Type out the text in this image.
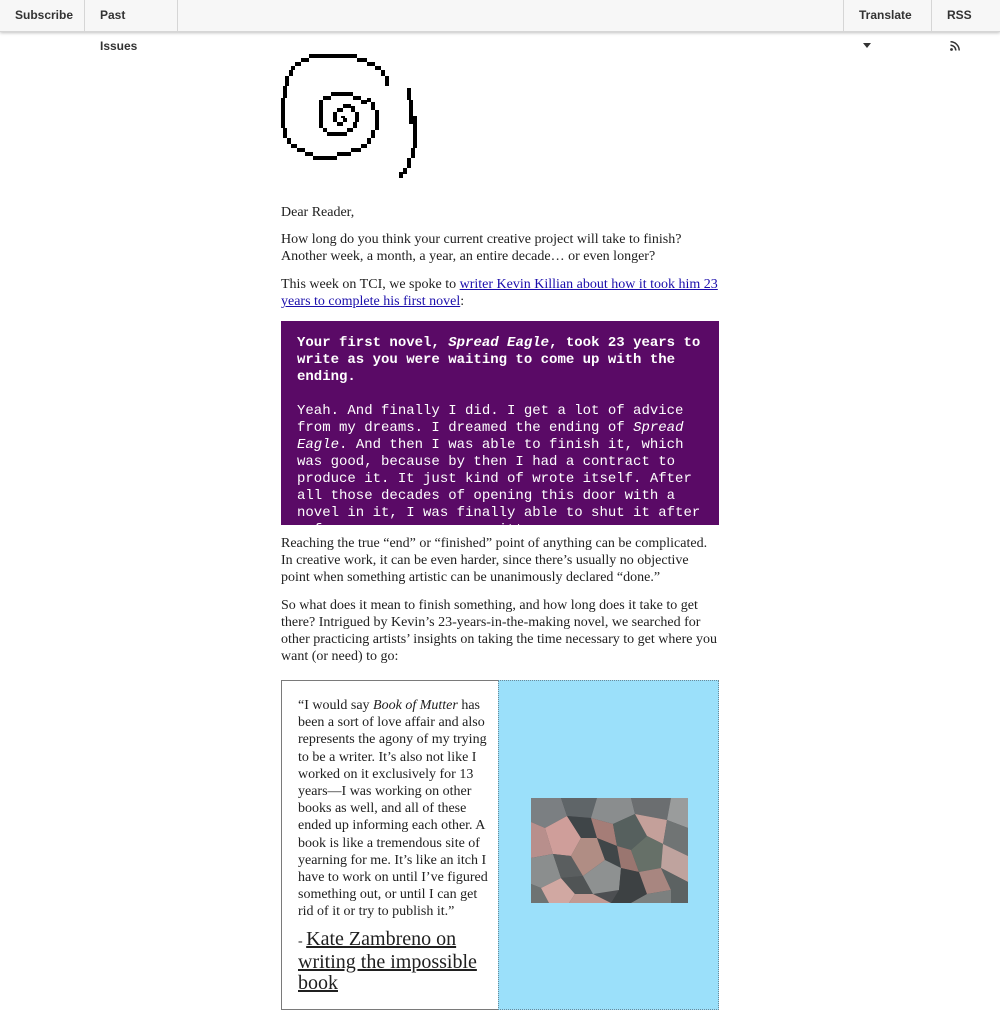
Subscribe	Past Issues
Translate	RSS
Dear Reader,
How long do you think your current creative project will take to finish? Another week, a month, a year, an entire decade… or even longer?
This week on TCI, we spoke to writer Kevin Killian about how it took him 23 years to complete his first novel:

Your first novel, Spread Eagle, took 23 years to write as you were waiting to come up with the ending.

Yeah. And finally I did. I get a lot of advice from my dreams. I dreamed the ending of Spread Eagle. And then I was able to finish it, which was good, because by then I had a contract to produce it. It just kind of wrote itself. After all those decades of opening this door with a novel in it, I was finally able to shut it after a few more pages were written.

Reaching the true “end” or “finished” point of anything can be complicated. In creative work, it can be even harder, since there’s usually no objective point when something artistic can be unanimously declared “done.”
So what does it mean to finish something, and how long does it take to get there? Intrigued by Kevin’s 23-years-in-the-making novel, we searched for other practicing artists’ insights on taking the time necessary to get where you want (or need) to go:
“I would say Book of Mutter has been a sort of love affair and also represents the agony of my trying to be a writer. It’s also not like I worked on it exclusively for 13 years—I was working on other books as well, and all of these ended up informing each other. A book is like a tremendous site of yearning for me. It’s like an itch I have to work on until I’ve figured something out, or until I can get rid of it or try to publish it.”
- Kate Zambreno on writing the impossible book
